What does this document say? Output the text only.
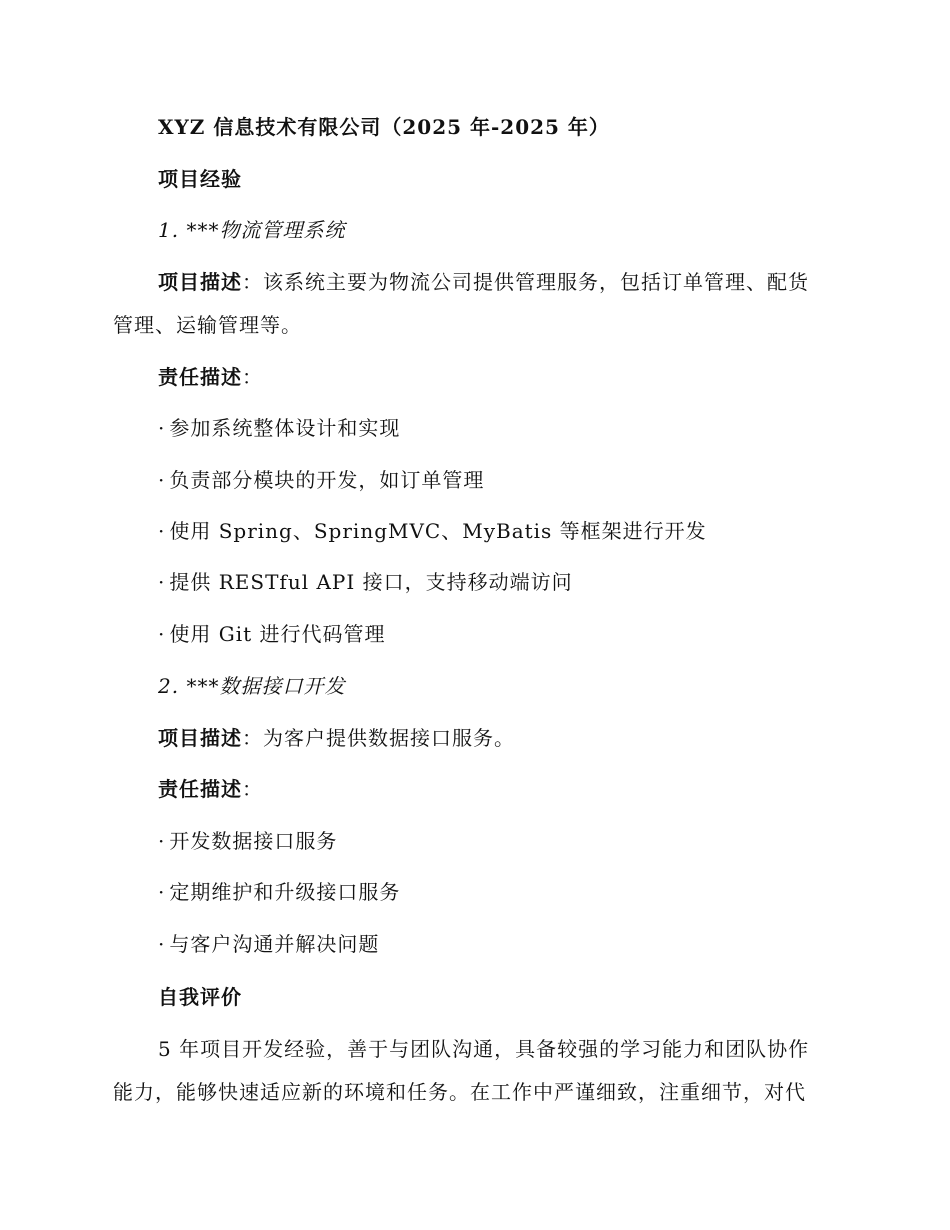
XYZ 信息技术有限公司（2025 年-2025 年）
项目经验
1. ***物流管理系统
项目描述：该系统主要为物流公司提供管理服务，包括订单管理、配货
管理、运输管理等。
责任描述：
· 参加系统整体设计和实现
· 负责部分模块的开发，如订单管理
· 使用 Spring、SpringMVC、MyBatis 等框架进行开发
· 提供 RESTful API 接口，支持移动端访问
· 使用 Git 进行代码管理
2. ***数据接口开发
项目描述：为客户提供数据接口服务。
责任描述：
· 开发数据接口服务
· 定期维护和升级接口服务
· 与客户沟通并解决问题
自我评价
5 年项目开发经验，善于与团队沟通，具备较强的学习能力和团队协作
能力，能够快速适应新的环境和任务。在工作中严谨细致，注重细节，对代
